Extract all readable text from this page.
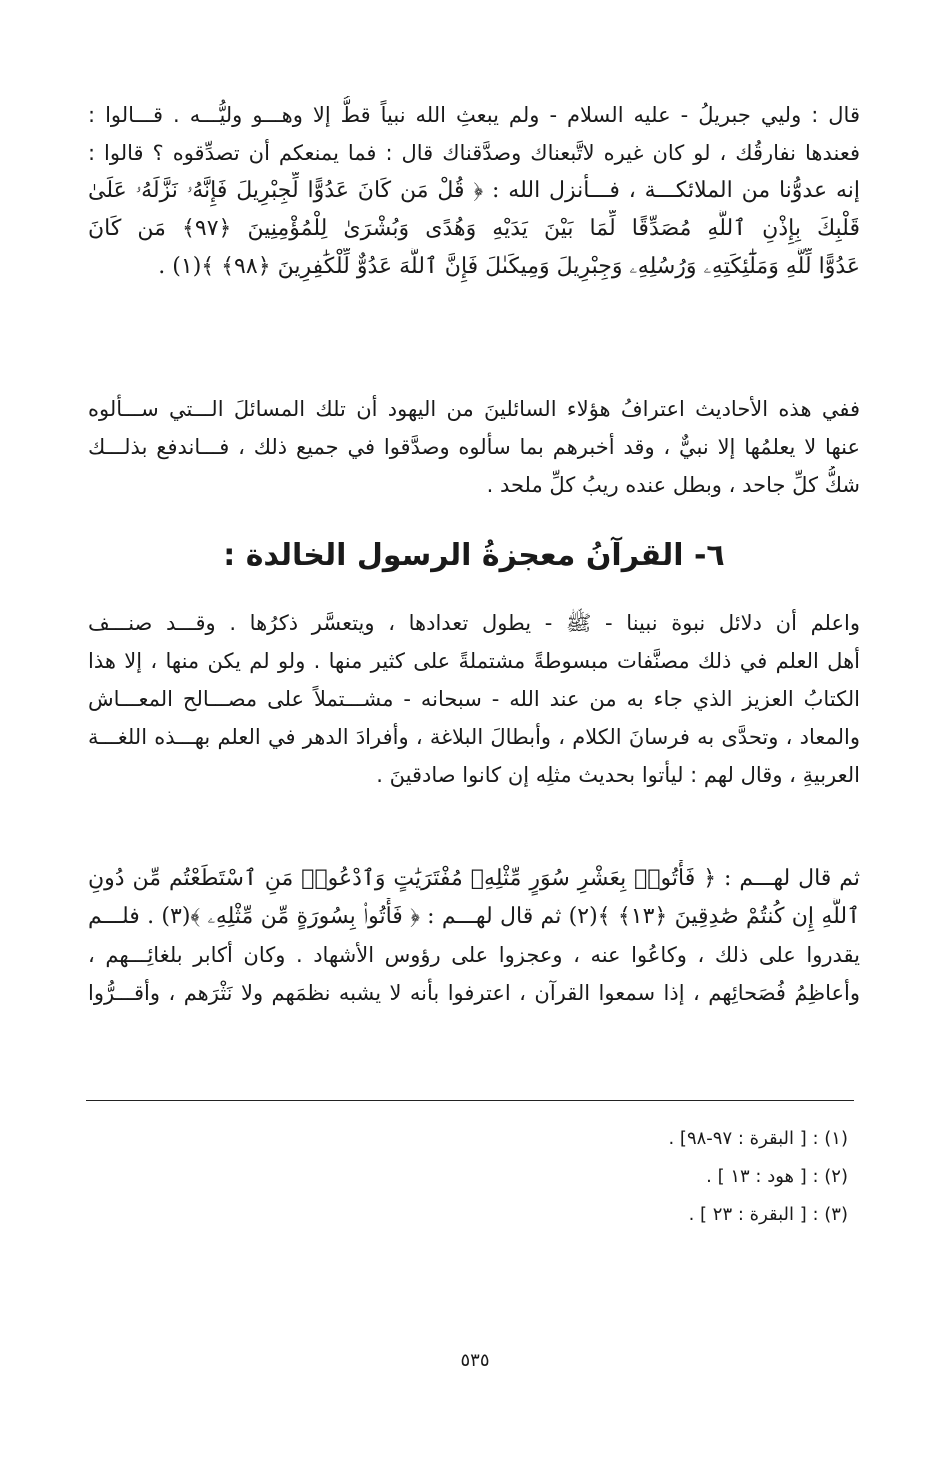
قال : وليي جبريلُ - عليه السلام - ولم يبعثِ الله نبياً قطُّ إلا وهـــو وليُّـــه . قـــالوا :
فعندها نفارقُك ، لو كان غيره لاتَّبعناك وصدَّقناك قال : فما يمنعكم أن تصدِّقوه ؟ قالوا :
إنه عدوُّنا من الملائكـــة ، فـــأنزل الله : ﴿ قُلْ مَن كَانَ عَدُوًّا لِّجِبْرِيلَ فَإِنَّهُۥ نَزَّلَهُۥ عَلَىٰ
قَلْبِكَ بِإِذْنِ ٱللَّهِ مُصَدِّقًا لِّمَا بَيْنَ يَدَيْهِ وَهُدًى وَبُشْرَىٰ لِلْمُؤْمِنِينَ ﴿٩٧﴾ مَن كَانَ
عَدُوًّا لِّلَّهِ وَمَلَٰٓئِكَتِهِۦ وَرُسُلِهِۦ وَجِبْرِيلَ وَمِيكَىٰلَ فَإِنَّ ٱللَّهَ عَدُوٌّ لِّلْكَٰفِرِينَ ﴿٩٨﴾ ﴾(١) .
ففي هذه الأحاديث اعترافُ هؤلاء السائلينَ من اليهود أن تلك المسائلَ الـــتي ســـألوه
عنها لا يعلمُها إلا نبيٌّ ، وقد أخبرهم بما سألوه وصدَّقوا في جميع ذلك ، فـــاندفع بذلـــك
شكُّ كلِّ جاحد ، وبطل عنده ريبُ كلِّ ملحد .
٦- القرآنُ معجزةُ الرسول الخالدة :
واعلم أن دلائل نبوة نبينا - ﷺ - يطول تعدادها ، ويتعسَّر ذكرُها . وقـــد صنـــف
أهل العلم في ذلك مصنَّفات مبسوطةً مشتملةً على كثير منها . ولو لم يكن منها ، إلا هذا
الكتابُ العزيز الذي جاء به من عند الله - سبحانه - مشـــتملاً على مصـــالح المعـــاش
والمعاد ، وتحدَّى به فرسانَ الكلام ، وأبطالَ البلاغة ، وأفرادَ الدهر في العلم بهـــذه اللغـــة
العربيةِ ، وقال لهم : ليأتوا بحديث مثلِه إن كانوا صادقينَ .
ثم قال لهـــم : ﴿ فَأْتُوا۟ بِعَشْرِ سُوَرٍ مِّثْلِهِۦ مُفْتَرَيَٰتٍ وَٱدْعُوا۟ مَنِ ٱسْتَطَعْتُم مِّن دُونِ
ٱللَّهِ إِن كُنتُمْ صَٰدِقِينَ ﴿١٣﴾ ﴾(٢) ثم قال لهـــم : ﴿ فَأْتُوا۟ بِسُورَةٍ مِّن مِّثْلِهِۦ ﴾(٣) . فلـــم
يقدروا على ذلك ، وكاعُوا عنه ، وعجزوا على رؤوس الأشهاد . وكان أكابر بلغائِـــهم ،
وأعاظِمُ فُصَحائِهم ، إذا سمعوا القرآن ، اعترفوا بأنه لا يشبه نظمَهم ولا نَثْرَهم ، وأقـــرُّوا
(١) : [ البقرة : ٩٧-٩٨] .
(٢) : [ هود : ١٣ ] .
(٣) : [ البقرة : ٢٣ ] .
٥٣٥
